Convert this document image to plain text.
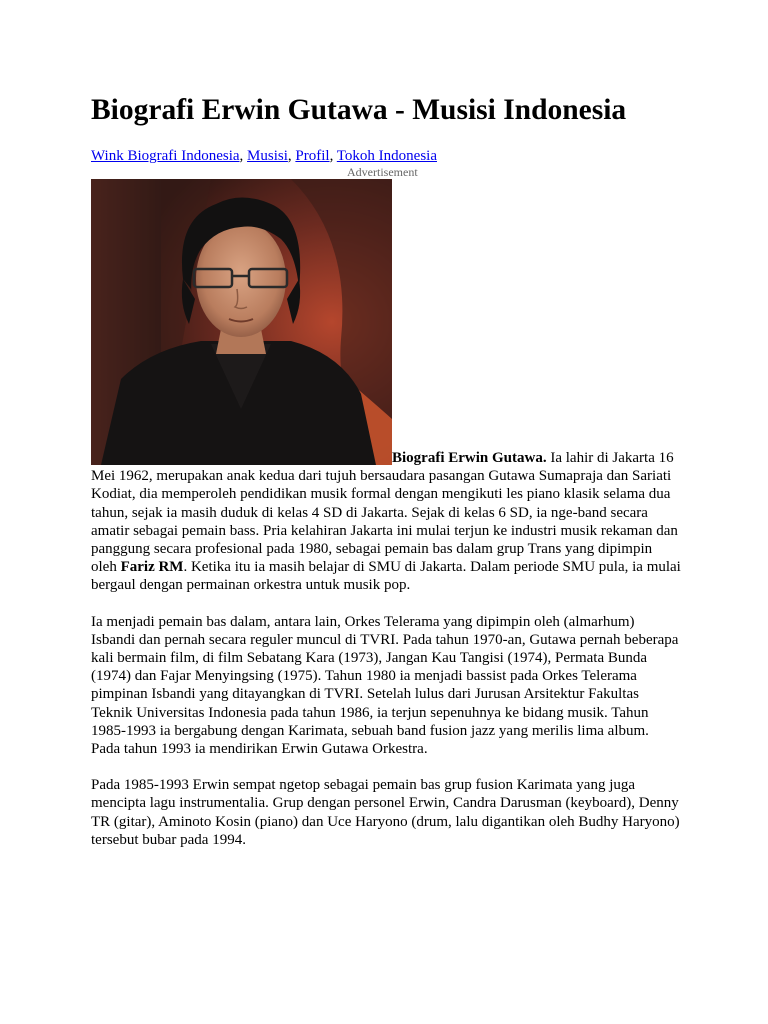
Biografi Erwin Gutawa - Musisi Indonesia
Wink Biografi Indonesia, Musisi, Profil, Tokoh Indonesia
Advertisement

Biografi Erwin Gutawa. Ia lahir di Jakarta 16 Mei 1962, merupakan anak kedua dari tujuh bersaudara pasangan Gutawa Sumapraja dan Sariati Kodiat, dia memperoleh pendidikan musik formal dengan mengikuti les piano klasik selama dua tahun, sejak ia masih duduk di kelas 4 SD di Jakarta. Sejak di kelas 6 SD, ia nge-band secara amatir sebagai pemain bass. Pria kelahiran Jakarta ini mulai terjun ke industri musik rekaman dan panggung secara profesional pada 1980, sebagai pemain bas dalam grup Trans yang dipimpin oleh Fariz RM. Ketika itu ia masih belajar di SMU di Jakarta. Dalam periode SMU pula, ia mulai bergaul dengan permainan orkestra untuk musik pop.

Ia menjadi pemain bas dalam, antara lain, Orkes Telerama yang dipimpin oleh (almarhum) Isbandi dan pernah secara reguler muncul di TVRI. Pada tahun 1970-an, Gutawa pernah beberapa kali bermain film, di film Sebatang Kara (1973), Jangan Kau Tangisi (1974), Permata Bunda (1974) dan Fajar Menyingsing (1975). Tahun 1980 ia menjadi bassist pada Orkes Telerama pimpinan Isbandi yang ditayangkan di TVRI. Setelah lulus dari Jurusan Arsitektur Fakultas Teknik Universitas Indonesia pada tahun 1986, ia terjun sepenuhnya ke bidang musik. Tahun 1985-1993 ia bergabung dengan Karimata, sebuah band fusion jazz yang merilis lima album. Pada tahun 1993 ia mendirikan Erwin Gutawa Orkestra.

Pada 1985-1993 Erwin sempat ngetop sebagai pemain bas grup fusion Karimata yang juga mencipta lagu instrumentalia. Grup dengan personel Erwin, Candra Darusman (keyboard), Denny TR (gitar), Aminoto Kosin (piano) dan Uce Haryono (drum, lalu digantikan oleh Budhy Haryono) tersebut bubar pada 1994.
